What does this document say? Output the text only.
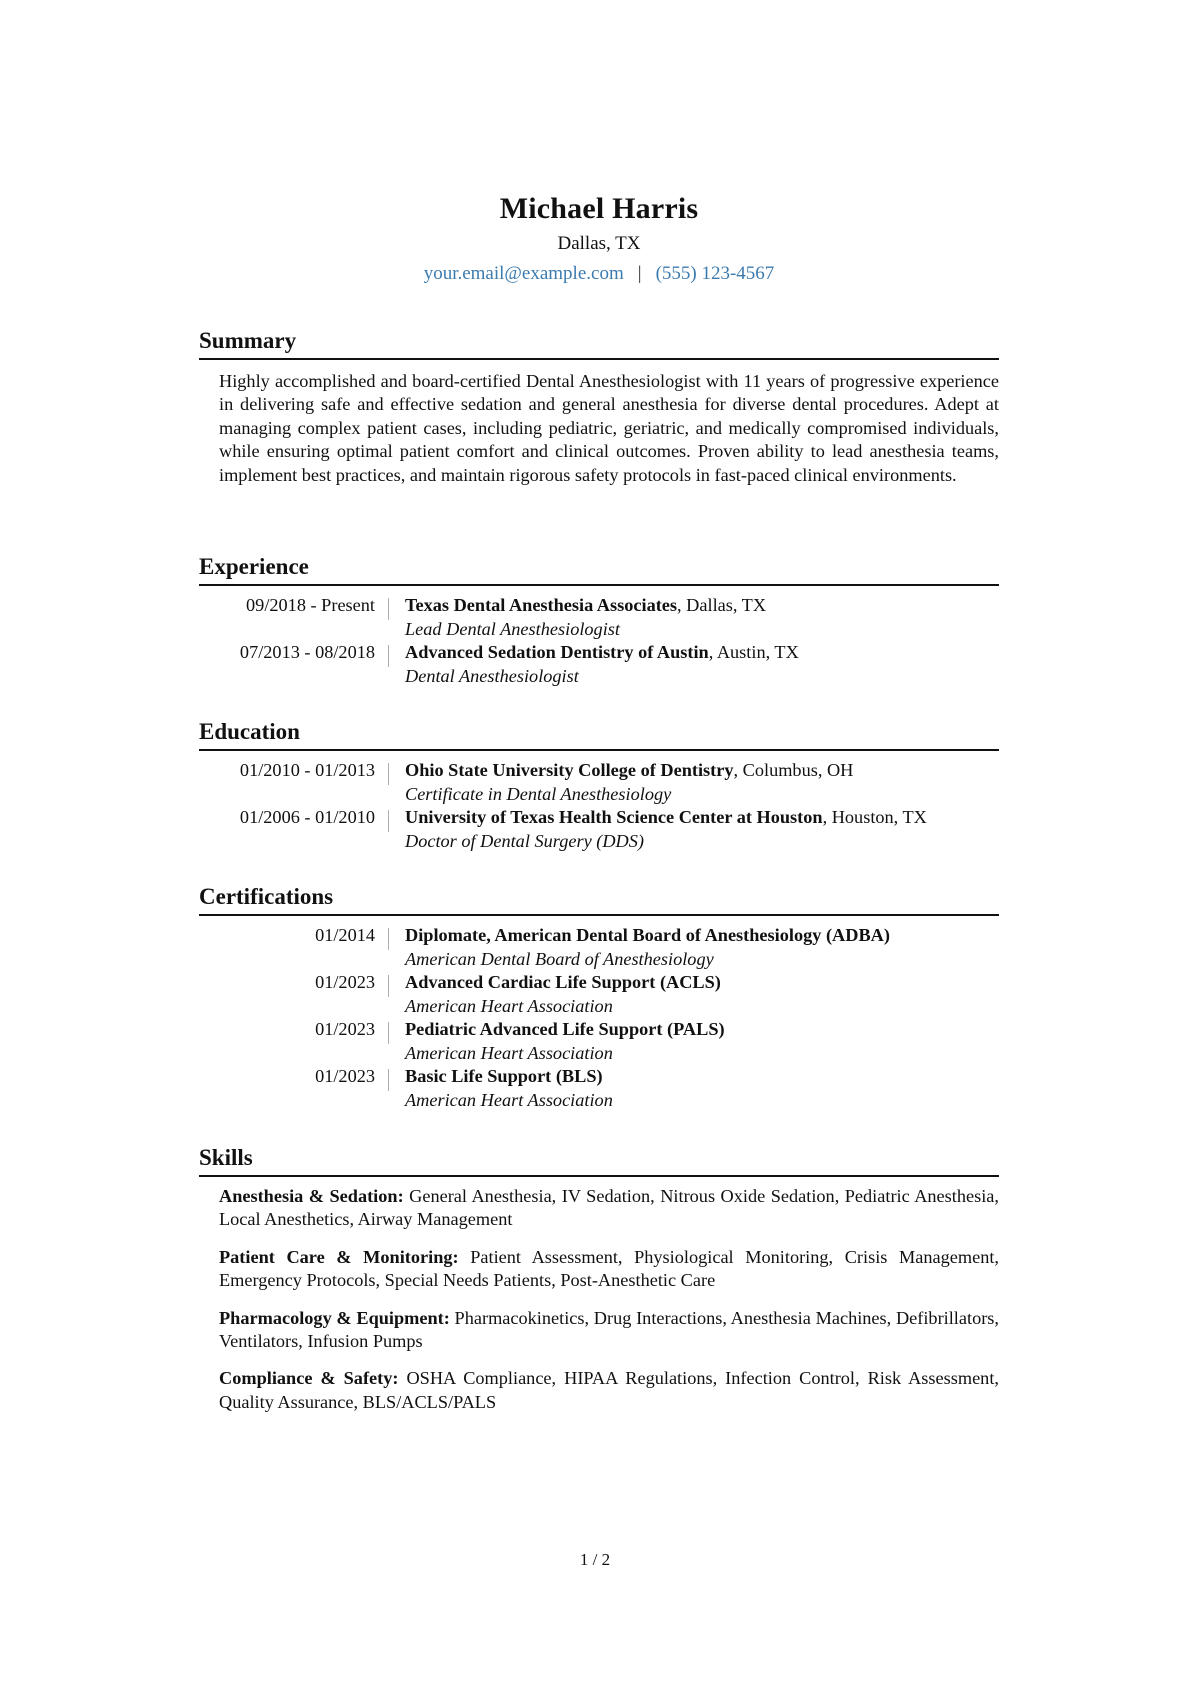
Michael Harris
Dallas, TX
your.email@example.com | (555) 123-4567
Summary
Highly accomplished and board-certified Dental Anesthesiologist with 11 years of progressive experience in delivering safe and effective sedation and general anesthesia for diverse dental procedures. Adept at managing complex patient cases, including pediatric, geriatric, and medically compromised individuals, while ensuring optimal patient comfort and clinical outcomes. Proven ability to lead anesthesia teams, implement best practices, and maintain rigorous safety protocols in fast-paced clinical environments.
Experience
09/2018 - Present	Texas Dental Anesthesia Associates, Dallas, TX
Lead Dental Anesthesiologist
07/2013 - 08/2018	Advanced Sedation Dentistry of Austin, Austin, TX
Dental Anesthesiologist
Education
01/2010 - 01/2013	Ohio State University College of Dentistry, Columbus, OH
Certificate in Dental Anesthesiology
01/2006 - 01/2010	University of Texas Health Science Center at Houston, Houston, TX
Doctor of Dental Surgery (DDS)
Certifications
01/2014	Diplomate, American Dental Board of Anesthesiology (ADBA)
American Dental Board of Anesthesiology
01/2023	Advanced Cardiac Life Support (ACLS)
American Heart Association
01/2023	Pediatric Advanced Life Support (PALS)
American Heart Association
01/2023	Basic Life Support (BLS)
American Heart Association
Skills
Anesthesia & Sedation: General Anesthesia, IV Sedation, Nitrous Oxide Sedation, Pediatric Anesthesia, Local Anesthetics, Airway Management
Patient Care & Monitoring: Patient Assessment, Physiological Monitoring, Crisis Management, Emergency Protocols, Special Needs Patients, Post-Anesthetic Care
Pharmacology & Equipment: Pharmacokinetics, Drug Interactions, Anesthesia Machines, Defibrillators, Ventilators, Infusion Pumps
Compliance & Safety: OSHA Compliance, HIPAA Regulations, Infection Control, Risk Assessment, Quality Assurance, BLS/ACLS/PALS
1 / 2
